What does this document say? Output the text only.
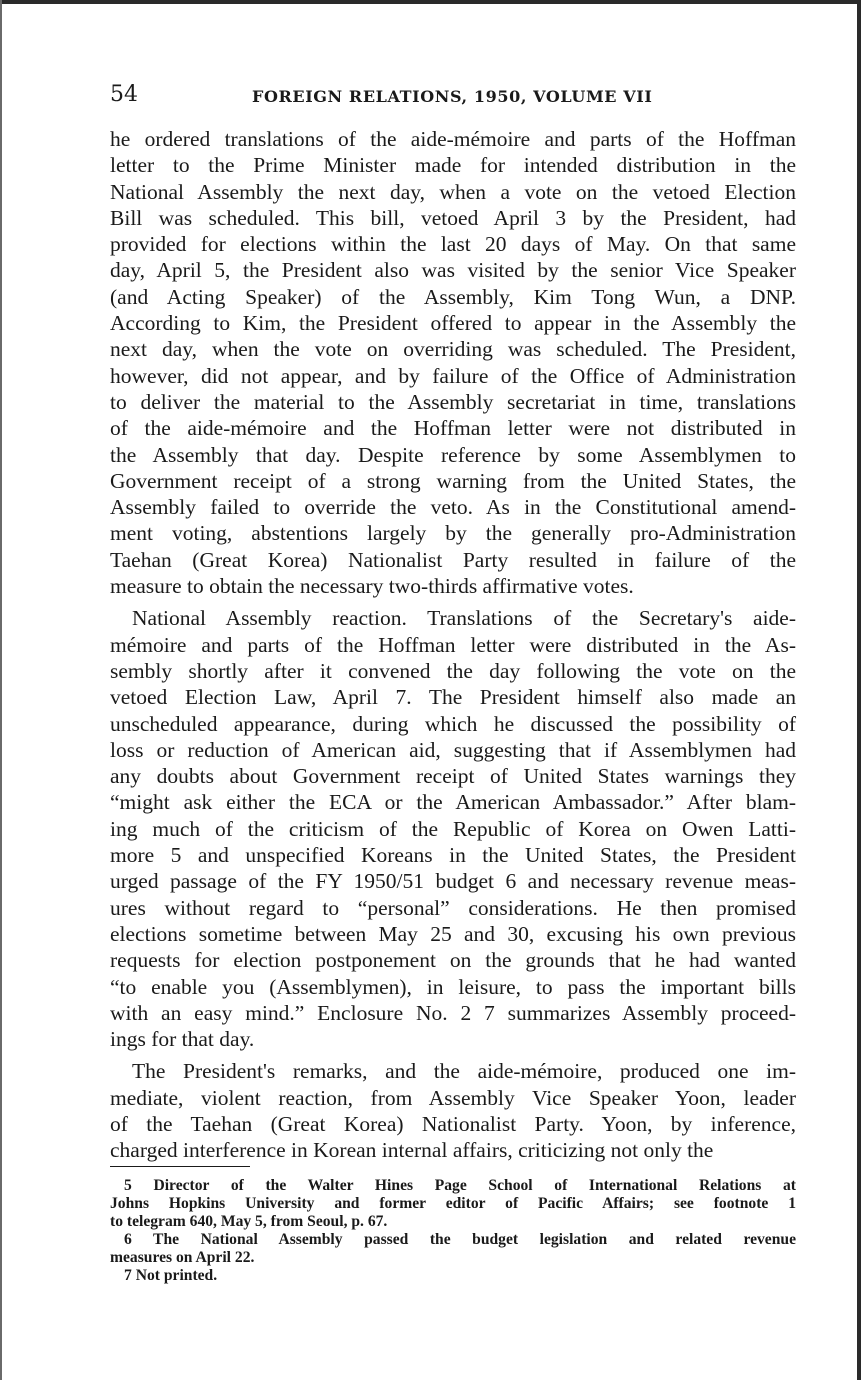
54	FOREIGN RELATIONS, 1950, VOLUME VII
he ordered translations of the aide-mémoire and parts of the Hoffman
letter to the Prime Minister made for intended distribution in the
National Assembly the next day, when a vote on the vetoed Election
Bill was scheduled. This bill, vetoed April 3 by the President, had
provided for elections within the last 20 days of May. On that same
day, April 5, the President also was visited by the senior Vice Speaker
(and Acting Speaker) of the Assembly, Kim Tong Wun, a DNP.
According to Kim, the President offered to appear in the Assembly the
next day, when the vote on overriding was scheduled. The President,
however, did not appear, and by failure of the Office of Administration
to deliver the material to the Assembly secretariat in time, translations
of the aide-mémoire and the Hoffman letter were not distributed in
the Assembly that day. Despite reference by some Assemblymen to
Government receipt of a strong warning from the United States, the
Assembly failed to override the veto. As in the Constitutional amend-
ment voting, abstentions largely by the generally pro-Administration
Taehan (Great Korea) Nationalist Party resulted in failure of the
measure to obtain the necessary two-thirds affirmative votes.
National Assembly reaction. Translations of the Secretary's aide-
mémoire and parts of the Hoffman letter were distributed in the As-
sembly shortly after it convened the day following the vote on the
vetoed Election Law, April 7. The President himself also made an
unscheduled appearance, during which he discussed the possibility of
loss or reduction of American aid, suggesting that if Assemblymen had
any doubts about Government receipt of United States warnings they
“might ask either the ECA or the American Ambassador.” After blam-
ing much of the criticism of the Republic of Korea on Owen Latti-
more 5 and unspecified Koreans in the United States, the President
urged passage of the FY 1950/51 budget 6 and necessary revenue meas-
ures without regard to “personal” considerations. He then promised
elections sometime between May 25 and 30, excusing his own previous
requests for election postponement on the grounds that he had wanted
“to enable you (Assemblymen), in leisure, to pass the important bills
with an easy mind.” Enclosure No. 2 7 summarizes Assembly proceed-
ings for that day.
The President's remarks, and the aide-mémoire, produced one im-
mediate, violent reaction, from Assembly Vice Speaker Yoon, leader
of the Taehan (Great Korea) Nationalist Party. Yoon, by inference,
charged interference in Korean internal affairs, criticizing not only the
5 Director of the Walter Hines Page School of International Relations at
Johns Hopkins University and former editor of Pacific Affairs; see footnote 1
to telegram 640, May 5, from Seoul, p. 67.
6 The National Assembly passed the budget legislation and related revenue
measures on April 22.
7 Not printed.
